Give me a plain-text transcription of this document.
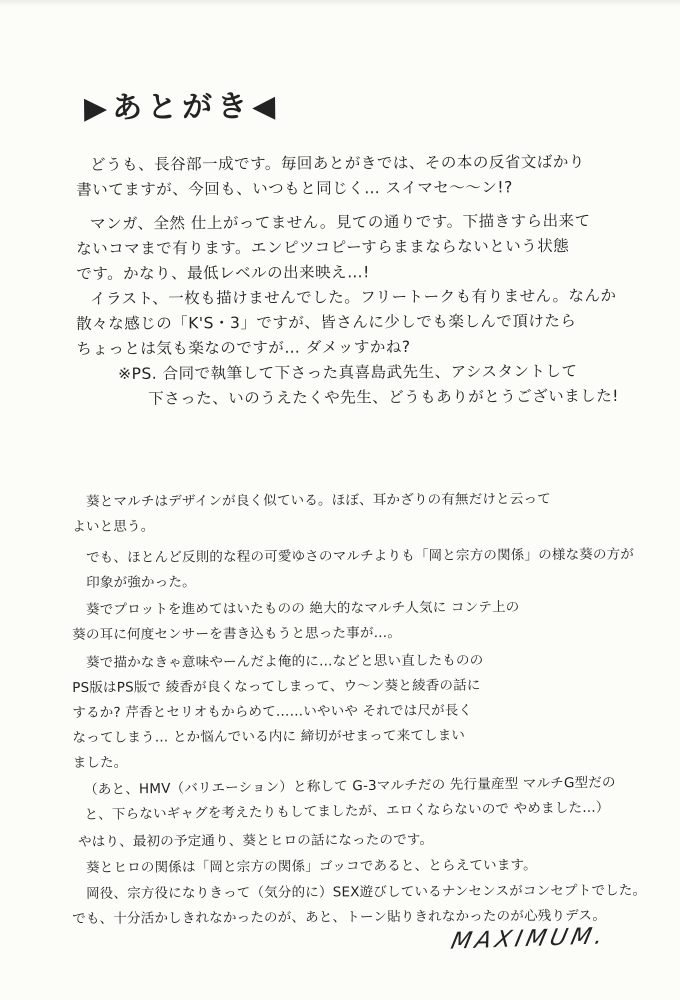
▶あとがき◀
どうも、長谷部一成です。毎回あとがきでは、その本の反省文ばかり
書いてますが、今回も、いつもと同じく… スイマセ〜〜ン!?
マンガ、全然 仕上がってません。見ての通りです。下描きすら出来て
ないコマまで有ります。エンピツコピーすらままならないという状態
です。かなり、最低レベルの出来映え…!
イラスト、一枚も描けませんでした。フリートークも有りません。なんか
散々な感じの「K'S・3」ですが、皆さんに少しでも楽しんで頂けたら
ちょっとは気も楽なのですが… ダメッすかね?
※PS. 合同で執筆して下さった真喜島武先生、アシスタントして
下さった、いのうえたくや先生、どうもありがとうございました!
葵とマルチはデザインが良く似ている。ほぼ、耳かざりの有無だけと云って
よいと思う。
でも、ほとんど反則的な程の可愛ゆさのマルチよりも「岡と宗方の関係」の様な葵の方が
印象が強かった。
葵でプロットを進めてはいたものの 絶大的なマルチ人気に コンテ上の
葵の耳に何度センサーを書き込もうと思った事が…。
葵で描かなきゃ意味やーんだよ俺的に…などと思い直したものの
PS版はPS版で 綾香が良くなってしまって、ウ〜ン葵と綾香の話に
するか? 芹香とセリオもからめて……いやいや それでは尺が長く
なってしまう… とか悩んでいる内に 締切がせまって来てしまい
ました。
（あと、HMV（バリエーション）と称して G-3マルチだの 先行量産型 マルチG型だの
と、下らないギャグを考えたりもしてましたが、エロくならないので やめました…）
やはり、最初の予定通り、葵とヒロの話になったのです。
葵とヒロの関係は「岡と宗方の関係」ゴッコであると、とらえています。
岡役、宗方役になりきって（気分的に）SEX遊びしているナンセンスがコンセプトでした。
でも、十分活かしきれなかったのが、あと、トーン貼りきれなかったのが心残りデス。
MAXIMUM.
